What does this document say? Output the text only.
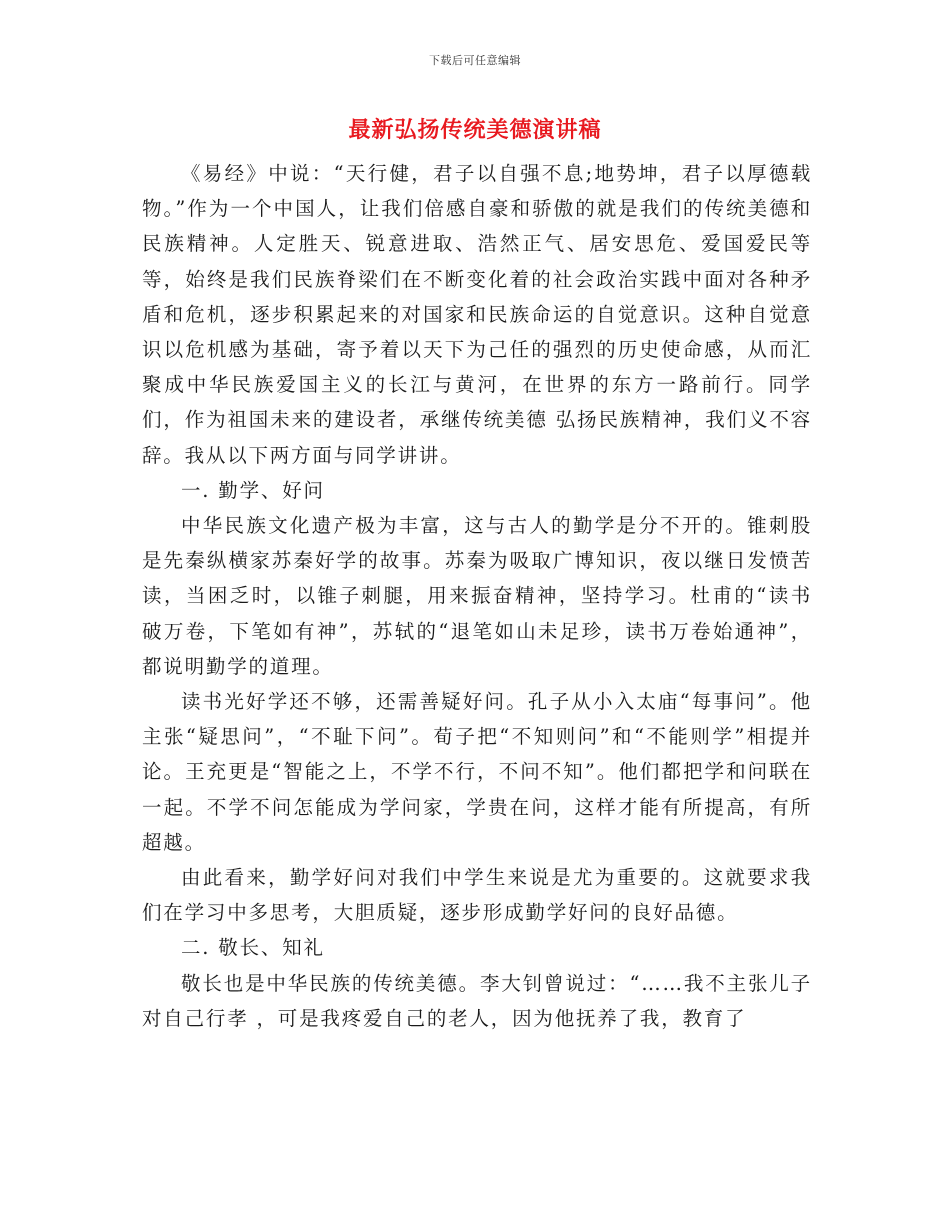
下载后可任意编辑
最新弘扬传统美德演讲稿

《易经》中说：“天行健，君子以自强不息;地势坤，君子以厚德载物。”作为一个中国人，让我们倍感自豪和骄傲的就是我们的传统美德和民族精神。人定胜天、锐意进取、浩然正气、居安思危、爱国爱民等等，始终是我们民族脊梁们在不断变化着的社会政治实践中面对各种矛盾和危机，逐步积累起来的对国家和民族命运的自觉意识。这种自觉意识以危机感为基础，寄予着以天下为己任的强烈的历史使命感，从而汇聚成中华民族爱国主义的长江与黄河，在世界的东方一路前行。同学们，作为祖国未来的建设者，承继传统美德 弘扬民族精神，我们义不容辞。我从以下两方面与同学讲讲。

一. 勤学、好问

中华民族文化遗产极为丰富，这与古人的勤学是分不开的。锥刺股是先秦纵横家苏秦好学的故事。苏秦为吸取广博知识，夜以继日发愤苦读，当困乏时，以锥子刺腿，用来振奋精神，坚持学习。杜甫的“读书破万卷，下笔如有神”，苏轼的“退笔如山未足珍，读书万卷始通神”，都说明勤学的道理。

读书光好学还不够，还需善疑好问。孔子从小入太庙“每事问”。他主张“疑思问”，“不耻下问”。荀子把“不知则问”和“不能则学”相提并论。王充更是“智能之上，不学不行，不问不知”。他们都把学和问联在一起。不学不问怎能成为学问家，学贵在问，这样才能有所提高，有所超越。

由此看来，勤学好问对我们中学生来说是尤为重要的。这就要求我们在学习中多思考，大胆质疑，逐步形成勤学好问的良好品德。

二. 敬长、知礼

敬长也是中华民族的传统美德。李大钊曾说过：“……我不主张儿子对自己行孝 ，可是我疼爱自己的老人，因为他抚养了我，教育了
